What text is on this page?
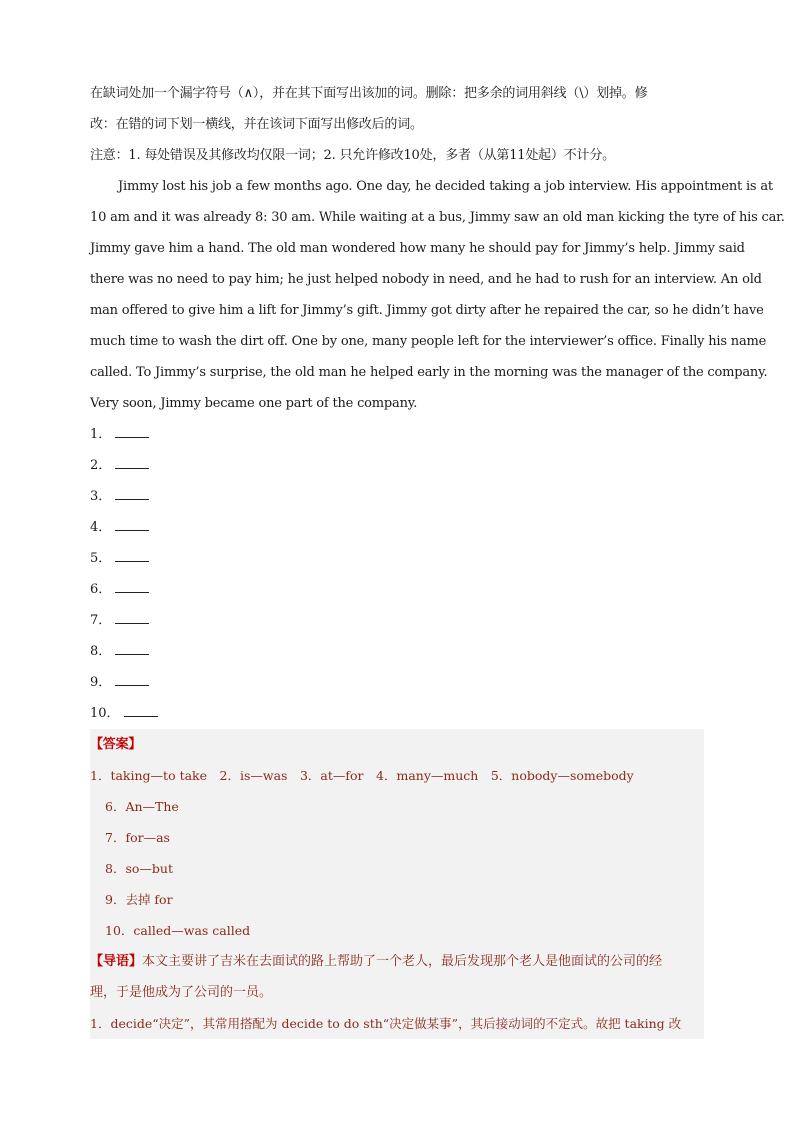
在缺词处加一个漏字符号（∧），并在其下面写出该加的词。删除：把多余的词用斜线（\）划掉。修
改：在错的词下划一横线，并在该词下面写出修改后的词。
注意：1. 每处错误及其修改均仅限一词；2. 只允许修改10处，多者（从第11处起）不计分。
Jimmy lost his job a few months ago. One day, he decided taking a job interview. His appointment is at
10 am and it was already 8: 30 am. While waiting at a bus, Jimmy saw an old man kicking the tyre of his car.
Jimmy gave him a hand. The old man wondered how many he should pay for Jimmy’s help. Jimmy said
there was no need to pay him; he just helped nobody in need, and he had to rush for an interview. An old
man offered to give him a lift for Jimmy’s gift. Jimmy got dirty after he repaired the car, so he didn’t have
much time to wash the dirt off. One by one, many people left for the interviewer’s office. Finally his name
called. To Jimmy’s surprise, the old man he helped early in the morning was the manager of the company.
Very soon, Jimmy became one part of the company.
1．
2．
3．
4．
5．
6．
7．
8．
9．
10．
【答案】
1．taking—to take　2．is—was　3．at—for　4．many—much　5．nobody—somebody
6．An—The
7．for—as
8．so—but
9．去掉 for
10．called—was called
【导语】本文主要讲了吉米在去面试的路上帮助了一个老人，最后发现那个老人是他面试的公司的经
理，于是他成为了公司的一员。
1．decide“决定”，其常用搭配为 decide to do sth“决定做某事”，其后接动词的不定式。故把 taking 改
